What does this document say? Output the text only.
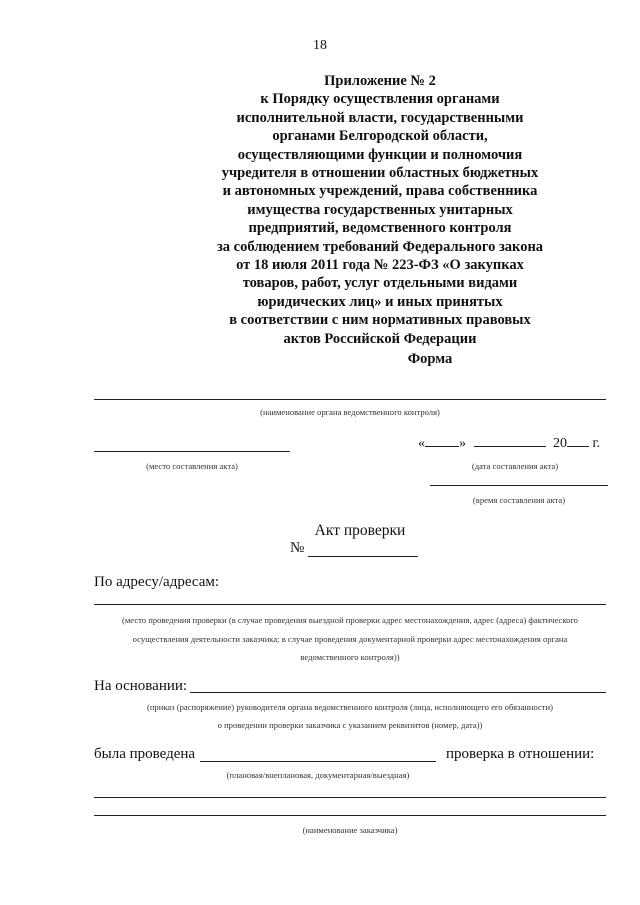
18
Приложение № 2
к Порядку осуществления органами
исполнительной власти, государственными
органами Белгородской области,
осуществляющими функции и полномочия
учредителя в отношении областных бюджетных
и автономных учреждений, права собственника
имущества государственных унитарных
предприятий, ведомственного контроля
за соблюдением требований Федерального закона
от 18 июля 2011 года № 223-ФЗ «О закупках
товаров, работ, услуг отдельными видами
юридических лиц» и иных принятых
в соответствии с ним нормативных правовых
актов Российской Федерации
Форма
(наименование органа ведомственного контроля)
(место составления акта)
« »	20 г.
(дата составления акта)
(время составления акта)
Акт проверки
№
По адресу/адресам:
(место проведения проверки (в случае проведения выездной проверки адрес местонахождения, адрес (адреса) фактического
осуществления деятельности заказчика; в случае проведения документарной проверки адрес местонахождения органа
ведомственного контроля))
На основании:
(приказ (распоряжение) руководителя органа ведомственного контроля (лица, исполняющего его обязанности)
о проведении проверки заказчика с указанием реквизитов (номер, дата))
была проведена	проверка в отношении:
(плановая/внеплановая, документарная/выездная)
(наименование заказчика)
